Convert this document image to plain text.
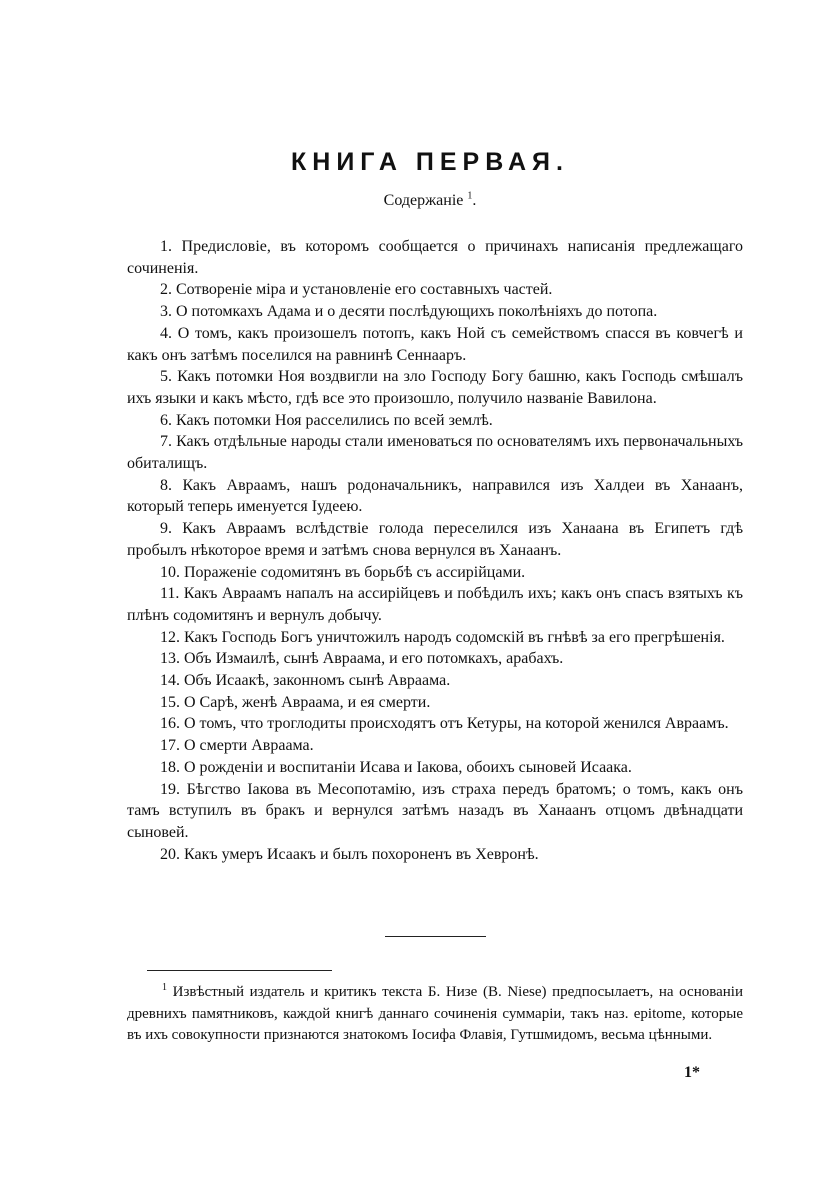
КНИГА ПЕРВАЯ.
Содержанie $^1$.

1. Предисловie, въ которомъ сообщается о причинахъ написанiя предлежащаго сочиненiя.

2. Сотворенie мiра и установленie его составныхъ частей.

3. О потомкахъ Адама и о десяти послѣдующихъ поколѣнiяхъ до потопа.

4. О томъ, какъ произошелъ потопъ, какъ Ной съ семействомъ спасся въ ковчегѣ и какъ онъ затѣмъ поселился на равнинѣ Сеннааръ.

5. Какъ потомки Ноя воздвигли на зло Господу Богу башню, какъ Господь смѣшалъ ихъ языки и какъ мѣсто, гдѣ все это произошло, получило названie Вавилона.

6. Какъ потомки Ноя расселились по всей землѣ.

7. Какъ отдѣльные народы стали именоваться по основателямъ ихъ первоначальныхъ обиталищъ.

8. Какъ Авраамъ, нашъ родоначальникъ, направился изъ Халдеи въ Ханаанъ, который теперь именуется Iудеею.

9. Какъ Авраамъ вслѣдствie голода переселился изъ Ханаана въ Египетъ гдѣ пробылъ нѣкоторое время и затѣмъ снова вернулся въ Ханаанъ.

10. Пораженie содомитянъ въ борьбѣ съ ассирiйцами.

11. Какъ Авраамъ напалъ на ассирiйцевъ и побѣдилъ ихъ; какъ онъ спасъ взятыхъ къ плѣнъ содомитянъ и вернулъ добычу.

12. Какъ Господь Богъ уничтожилъ народъ содомскiй въ гнѣвѣ за его прегрѣшенiя.

13. Объ Измаилѣ, сынѣ Авраама, и его потомкахъ, арабахъ.

14. Объ Исаакѣ, законномъ сынѣ Авраама.

15. О Сарѣ, женѣ Авраама, и ея смерти.

16. О томъ, что троглодиты происходятъ отъ Кетуры, на которой женился Авраамъ.

17. О смерти Авраама.

18. О рожденiи и воспитанiи Исава и Iакова, обоихъ сыновей Исаака.

19. Бѣгство Iакова въ Месопотамiю, изъ страха передъ братомъ; о томъ, какъ онъ тамъ вступилъ въ бракъ и вернулся затѣмъ назадъ въ Ханаанъ отцомъ двѣнадцати сыновей.

20. Какъ умеръ Исаакъ и былъ похороненъ въ Хевронѣ.

$^1$ Извѣстный издатель и критикъ текста Б. Низе (B. Niese) предпосылаетъ, на основанiи древнихъ памятниковъ, каждой книгѣ даннаго сочиненiя суммарiи, такъ наз. epitome, которые въ ихъ совокупности признаются знатокомъ Iосифа Флавiя, Гутшмидомъ, весьма цѣнными.

1*
